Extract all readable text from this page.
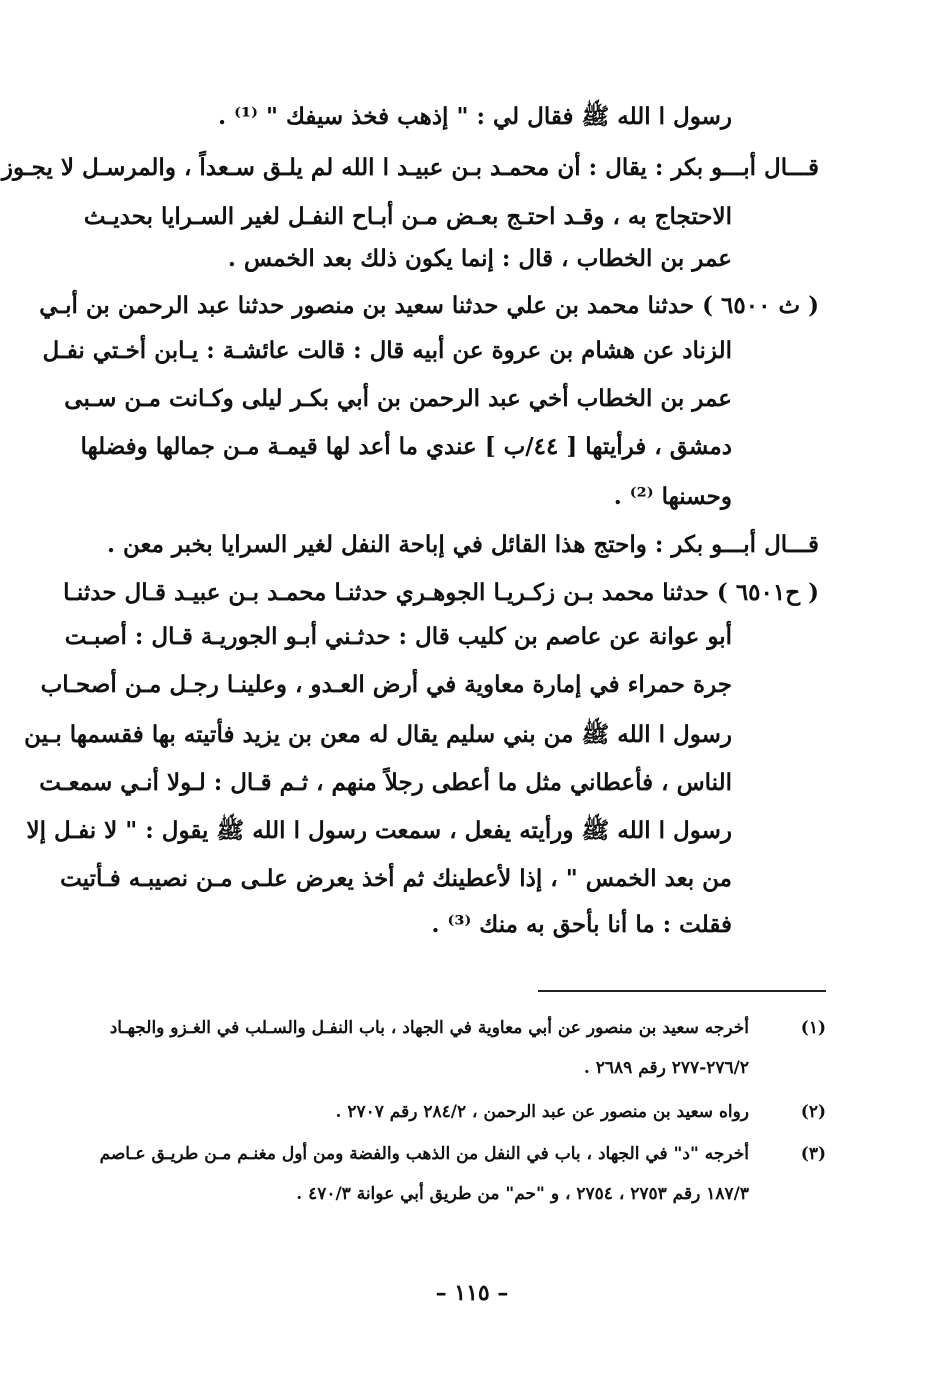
رسول ا الله ﷺ فقال لي : " إذهب فخذ سيفك " ⁽¹⁾ .
قـــال أبـــو بكر : يقال : أن محمـد بـن عبيـد ا الله لم يلـق سـعداً ، والمرسـل لا يجـوز
الاحتجاج به ، وقـد احتـج بعـض مـن أبـاح النفـل لغير السـرايا بحديـث
عمر بن الخطاب ، قال : إنما يكون ذلك بعد الخمس .
( ث ٦٥٠٠ ) حدثنا محمد بن علي حدثنا سعيد بن منصور حدثنا عبد الرحمن بن أبـي
الزناد عن هشام بن عروة عن أبيه قال : قالت عائشـة : يـابن أخـتي نفـل
عمر بن الخطاب أخي عبد الرحمن بن أبي بكـر ليلى وكـانت مـن سـبى
دمشق ، فرأيتها [ ٤٤/ب ] عندي ما أعد لها قيمـة مـن جمالها وفضلها
وحسنها ⁽²⁾ .
قـــال أبـــو بكر : واحتج هذا القائل في إباحة النفل لغير السرايا بخبر معن .
( ح٦٥٠١ ) حدثنا محمد بـن زكـريـا الجوهـري حدثنـا محمـد بـن عبيـد قـال حدثنـا
أبو عوانة عن عاصم بن كليب قال : حدثـني أبـو الجوريـة قـال : أصبـت
جرة حمراء في إمارة معاوية في أرض العـدو ، وعلينـا رجـل مـن أصحـاب
رسول ا الله ﷺ من بني سليم يقال له معن بن يزيد فأتيته بها فقسمها بـين
الناس ، فأعطاني مثل ما أعطى رجلاً منهم ، ثـم قـال : لـولا أنـي سمعـت
رسول ا الله ﷺ ورأيته يفعل ، سمعت رسول ا الله ﷺ يقول : " لا نفـل إلا
من بعد الخمس " ، إذا لأعطينك ثم أخذ يعرض علـى مـن نصيبـه فـأتيت
فقلت : ما أنا بأحق به منك ⁽³⁾ .
(١)
أخرجه سعيد بن منصور عن أبي معاوية في الجهاد ، باب النفـل والسـلب في الغـزو والجهـاد
٢٧٦/٢-٢٧٧ رقم ٢٦٨٩ .
(٢)
رواه سعيد بن منصور عن عبد الرحمن ، ٢٨٤/٢ رقم ٢٧٠٧ .
(٣)
أخرجه "د" في الجهاد ، باب في النفل من الذهب والفضة ومن أول مغنـم مـن طريـق عـاصم
١٨٧/٣ رقم ٢٧٥٣ ، ٢٧٥٤ ، و "حم" من طريق أبي عوانة ٤٧٠/٣ .
– ١١٥ –
